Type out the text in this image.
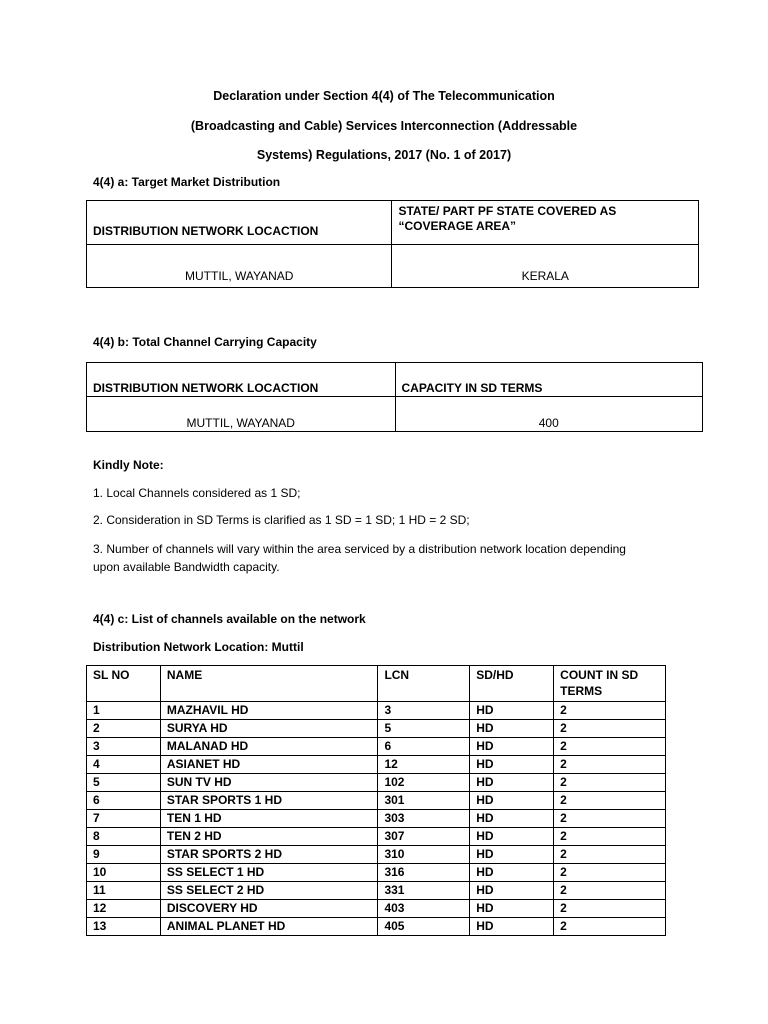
Declaration under Section 4(4) of The Telecommunication
(Broadcasting and Cable) Services Interconnection (Addressable
Systems) Regulations, 2017 (No. 1 of 2017)
4(4) a: Target Market Distribution
DISTRIBUTION NETWORK LOCACTION	STATE/ PART PF STATE COVERED AS “COVERAGE AREA”
MUTTIL, WAYANAD	KERALA
4(4) b: Total Channel Carrying Capacity
DISTRIBUTION NETWORK LOCACTION	CAPACITY IN SD TERMS
MUTTIL, WAYANAD	400
Kindly Note:
1. Local Channels considered as 1 SD;
2. Consideration in SD Terms is clarified as 1 SD = 1 SD; 1 HD = 2 SD;
3. Number of channels will vary within the area serviced by a distribution network location depending upon available Bandwidth capacity.
4(4) c: List of channels available on the network
Distribution Network Location: Muttil
SL NO	NAME	LCN	SD/HD	COUNT IN SD TERMS
1	MAZHAVIL HD	3	HD	2
2	SURYA HD	5	HD	2
3	MALANAD HD	6	HD	2
4	ASIANET HD	12	HD	2
5	SUN TV HD	102	HD	2
6	STAR SPORTS 1 HD	301	HD	2
7	TEN 1 HD	303	HD	2
8	TEN 2 HD	307	HD	2
9	STAR SPORTS 2 HD	310	HD	2
10	SS SELECT 1 HD	316	HD	2
11	SS SELECT 2 HD	331	HD	2
12	DISCOVERY HD	403	HD	2
13	ANIMAL PLANET HD	405	HD	2
